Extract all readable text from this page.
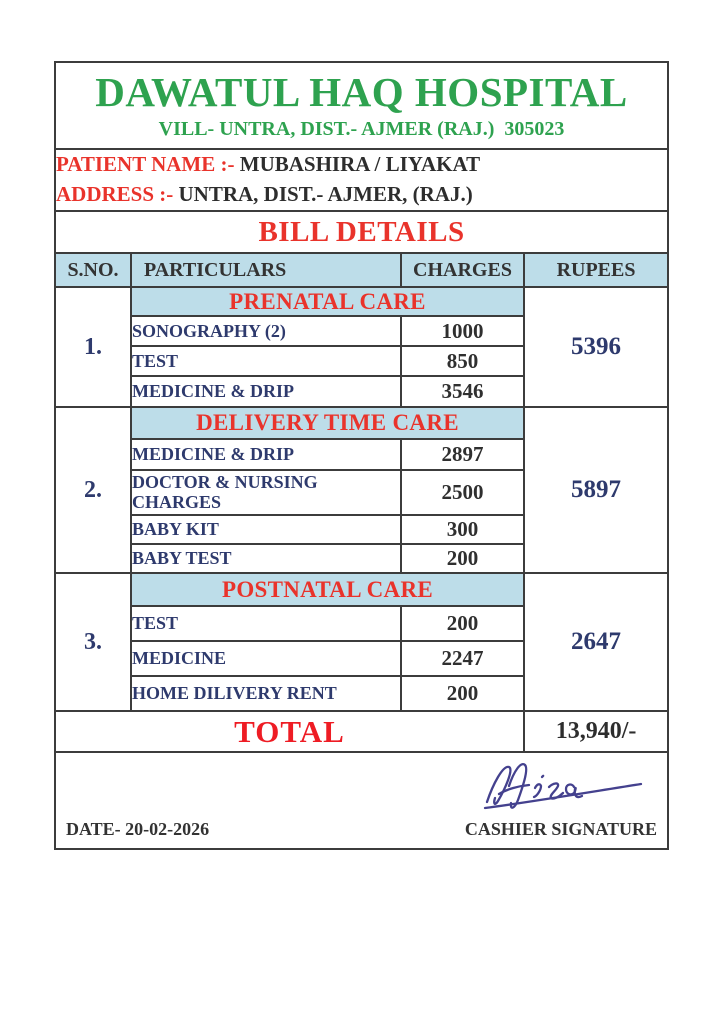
DAWATUL HAQ HOSPITAL
VILL- UNTRA, DIST.- AJMER (RAJ.)  305023			

PATIENT NAME :- MUBASHIRA / LIYAKAT
ADDRESS :- UNTRA, DIST.- AJMER, (RAJ.)			

BILL DETAILS			
S.NO.	PARTICULARS	CHARGES	RUPEES
1.	PRENATAL CARE		5396
	SONOGRAPHY (2)	1000	
	TEST	850	
	MEDICINE & DRIP	3546	
2.	DELIVERY TIME CARE		5897
	MEDICINE & DRIP	2897	
	DOCTOR & NURSING CHARGES	2500	
	BABY KIT	300	
	BABY TEST	200	
3.	POSTNATAL CARE		2647
	TEST	200	
	MEDICINE	2247	
	HOME DILIVERY RENT	200	
TOTAL			13,940/-

DATE- 20-02-2026 CASHIER SIGNATURE			
